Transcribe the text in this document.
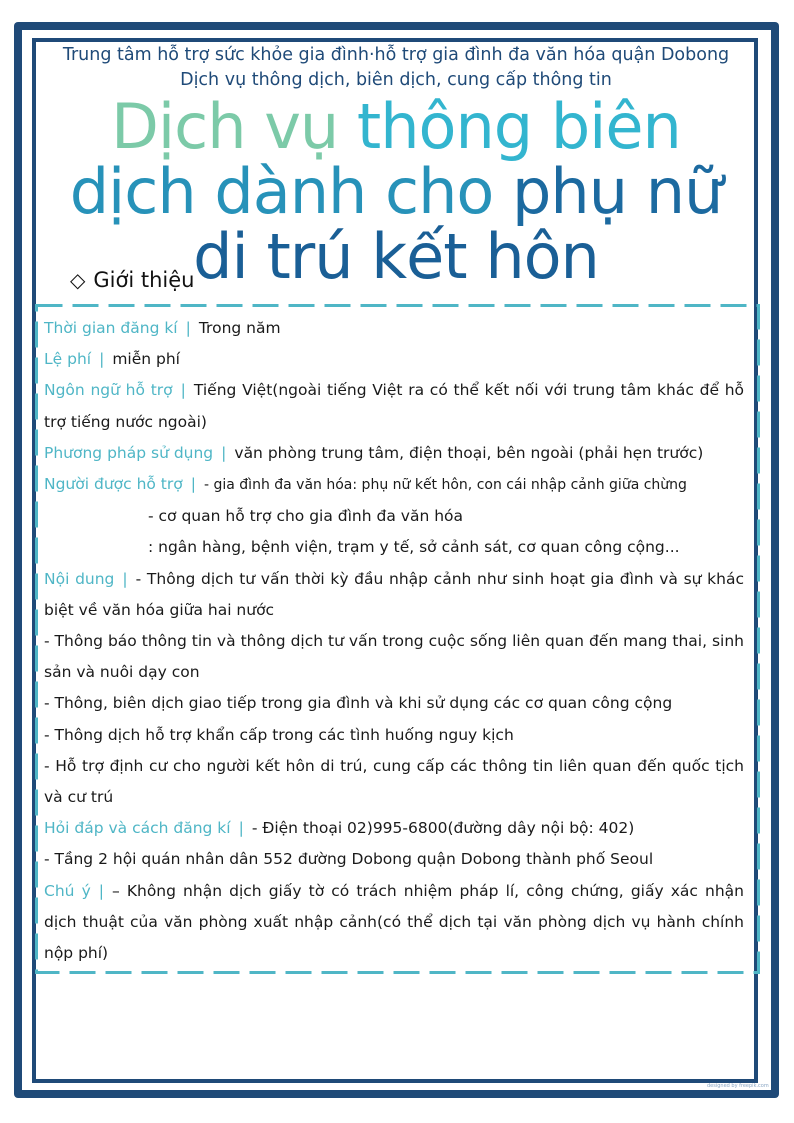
Trung tâm hỗ trợ sức khỏe gia đình·hỗ trợ gia đình đa văn hóa quận Dobong
Dịch vụ thông dịch, biên dịch, cung cấp thông tin
Dịch vụ thông biên
dịch dành cho phụ nữ
di trú kết hôn
◇ Giới thiệu
Thời gian đăng kí | Trong năm
Lệ phí | miễn phí
Ngôn ngữ hỗ trợ | Tiếng Việt(ngoài tiếng Việt ra có thể kết nối với trung tâm khác để hỗ trợ tiếng nước ngoài)
Phương pháp sử dụng | văn phòng trung tâm, điện thoại, bên ngoài (phải hẹn trước)
Người được hỗ trợ | - gia đình đa văn hóa: phụ nữ kết hôn, con cái nhập cảnh giữa chừng
- cơ quan hỗ trợ cho gia đình đa văn hóa
: ngân hàng, bệnh viện, trạm y tế, sở cảnh sát, cơ quan công cộng...
Nội dung | - Thông dịch tư vấn thời kỳ đầu nhập cảnh như sinh hoạt gia đình và sự khác biệt về văn hóa giữa hai nước
- Thông báo thông tin và thông dịch tư vấn trong cuộc sống liên quan đến mang thai, sinh sản và nuôi dạy con
- Thông, biên dịch giao tiếp trong gia đình và khi sử dụng các cơ quan công cộng
- Thông dịch hỗ trợ khẩn cấp trong các tình huống nguy kịch
- Hỗ trợ định cư cho người kết hôn di trú, cung cấp các thông tin liên quan đến quốc tịch và cư trú
Hỏi đáp và cách đăng kí | - Điện thoại 02)995-6800(đường dây nội bộ: 402)
- Tầng 2 hội quán nhân dân 552 đường Dobong quận Dobong thành phố Seoul
Chú ý | – Không nhận dịch giấy tờ có trách nhiệm pháp lí, công chứng, giấy xác nhận dịch thuật của văn phòng xuất nhập cảnh(có thể dịch tại văn phòng dịch vụ hành chính nộp phí)
designed by freepik.com
